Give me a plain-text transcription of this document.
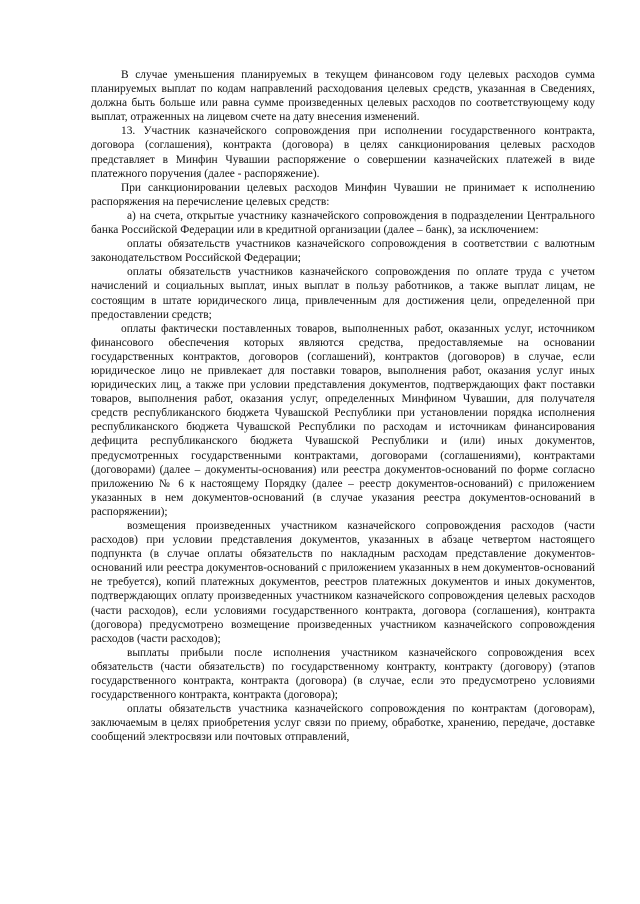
В случае уменьшения планируемых в текущем финансовом году целевых расходов сумма планируемых выплат по кодам направлений расходования целевых средств, указанная в Сведениях, должна быть больше или равна сумме произведенных целевых расходов по соответствующему коду выплат, отраженных на лицевом счете на дату внесения изменений.

13. Участник казначейского сопровождения при исполнении государственного контракта, договора (соглашения), контракта (договора) в целях санкционирования целевых расходов представляет в Минфин Чувашии распоряжение о совершении казначейских платежей в виде платежного поручения (далее - распоряжение).

При санкционировании целевых расходов Минфин Чувашии не принимает к исполнению распоряжения на перечисление целевых средств:

а) на счета, открытые участнику казначейского сопровождения в подразделении Центрального банка Российской Федерации или в кредитной организации (далее – банк), за исключением:

оплаты обязательств участников казначейского сопровождения в соответствии с валютным законодательством Российской Федерации;

оплаты обязательств участников казначейского сопровождения по оплате труда с учетом начислений и социальных выплат, иных выплат в пользу работников, а также выплат лицам, не состоящим в штате юридического лица, привлеченным для достижения цели, определенной при предоставлении средств;

оплаты фактически поставленных товаров, выполненных работ, оказанных услуг, источником финансового обеспечения которых являются средства, предоставляемые на основании государственных контрактов, договоров (соглашений), контрактов (договоров) в случае, если юридическое лицо не привлекает для поставки товаров, выполнения работ, оказания услуг иных юридических лиц, а также при условии представления документов, подтверждающих факт поставки товаров, выполнения работ, оказания услуг, определенных Минфином Чувашии, для получателя средств республиканского бюджета Чувашской Республики при установлении порядка исполнения республиканского бюджета Чувашской Республики по расходам и источникам финансирования дефицита республиканского бюджета Чувашской Республики и (или) иных документов, предусмотренных государственными контрактами, договорами (соглашениями), контрактами (договорами) (далее – документы-основания) или реестра документов-оснований по форме согласно приложению № 6 к настоящему Порядку (далее – реестр документов-оснований) с приложением указанных в нем документов-оснований (в случае указания реестра документов-оснований в распоряжении);

возмещения произведенных участником казначейского сопровождения расходов (части расходов) при условии представления документов, указанных в абзаце четвертом настоящего подпункта (в случае оплаты обязательств по накладным расходам представление документов-оснований или реестра документов-оснований с приложением указанных в нем документов-оснований не требуется), копий платежных документов, реестров платежных документов и иных документов, подтверждающих оплату произведенных участником казначейского сопровождения целевых расходов (части расходов), если условиями государственного контракта, договора (соглашения), контракта (договора) предусмотрено возмещение произведенных участником казначейского сопровождения расходов (части расходов);

выплаты прибыли после исполнения участником казначейского сопровождения всех обязательств (части обязательств) по государственному контракту, контракту (договору) (этапов государственного контракта, контракта (договора) (в случае, если это предусмотрено условиями государственного контракта, контракта (договора);

оплаты обязательств участника казначейского сопровождения по контрактам (договорам), заключаемым в целях приобретения услуг связи по приему, обработке, хранению, передаче, доставке сообщений электросвязи или почтовых отправлений,
